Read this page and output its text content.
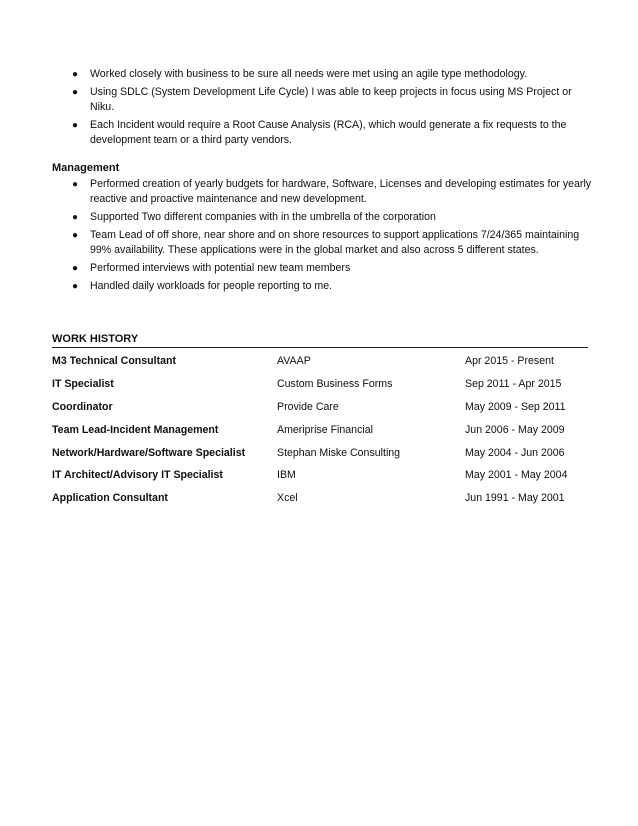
● Worked closely with business to be sure all needs were met using an agile type methodology.
● Using SDLC (System Development Life Cycle) I was able to keep projects in focus using MS Project or Niku.
● Each Incident would require a Root Cause Analysis (RCA), which would generate a fix requests to the development team or a third party vendors.
Management
● Performed creation of yearly budgets for hardware, Software, Licenses and developing estimates for yearly reactive and proactive maintenance and new development.
● Supported Two different companies with in the umbrella of the corporation
● Team Lead of off shore, near shore and on shore resources to support applications 7/24/365 maintaining 99% availability. These applications were in the global market and also across 5 different states.
● Performed interviews with potential new team members
● Handled daily workloads for people reporting to me.
WORK HISTORY
M3 Technical Consultant	AVAAP	Apr 2015 - Present
IT Specialist	Custom Business Forms	Sep 2011 - Apr 2015
Coordinator	Provide Care	May 2009 - Sep 2011
Team Lead-Incident Management	Ameriprise Financial	Jun 2006 - May 2009
Network/Hardware/Software Specialist	Stephan Miske Consulting	May 2004 - Jun 2006
IT Architect/Advisory IT Specialist	IBM	May 2001 - May 2004
Application Consultant	Xcel	Jun 1991 - May 2001
